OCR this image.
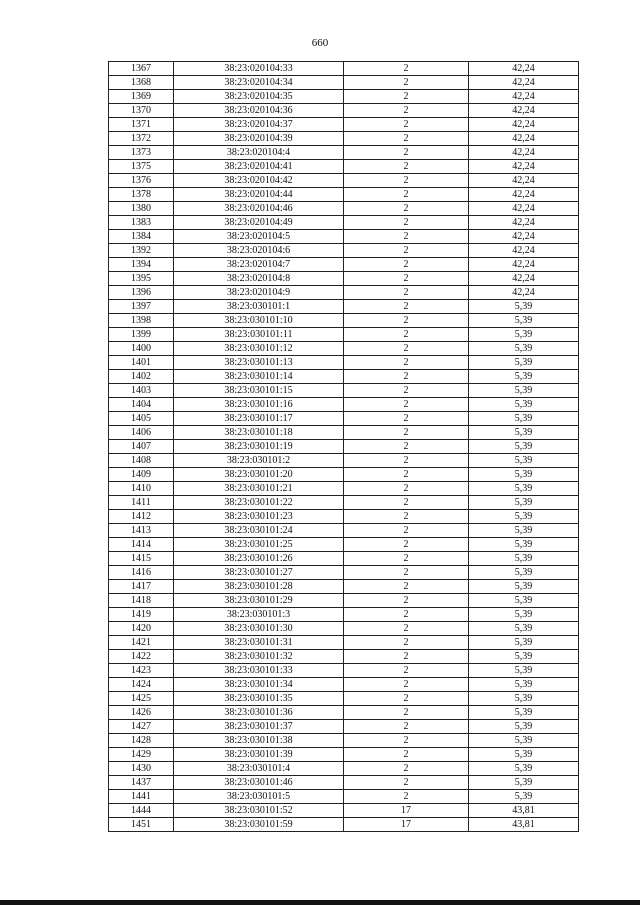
660
1367	38:23:020104:33	2	42,24
1368	38:23:020104:34	2	42,24
1369	38:23:020104:35	2	42,24
1370	38:23:020104:36	2	42,24
1371	38:23:020104:37	2	42,24
1372	38:23:020104:39	2	42,24
1373	38:23:020104:4	2	42,24
1375	38:23:020104:41	2	42,24
1376	38:23:020104:42	2	42,24
1378	38:23:020104:44	2	42,24
1380	38:23:020104:46	2	42,24
1383	38:23:020104:49	2	42,24
1384	38:23:020104:5	2	42,24
1392	38:23:020104:6	2	42,24
1394	38:23:020104:7	2	42,24
1395	38:23:020104:8	2	42,24
1396	38:23:020104:9	2	42,24
1397	38:23:030101:1	2	5,39
1398	38:23:030101:10	2	5,39
1399	38:23:030101:11	2	5,39
1400	38:23:030101:12	2	5,39
1401	38:23:030101:13	2	5,39
1402	38:23:030101:14	2	5,39
1403	38:23:030101:15	2	5,39
1404	38:23:030101:16	2	5,39
1405	38:23:030101:17	2	5,39
1406	38:23:030101:18	2	5,39
1407	38:23:030101:19	2	5,39
1408	38:23:030101:2	2	5,39
1409	38:23:030101:20	2	5,39
1410	38:23:030101:21	2	5,39
1411	38:23:030101:22	2	5,39
1412	38:23:030101:23	2	5,39
1413	38:23:030101:24	2	5,39
1414	38:23:030101:25	2	5,39
1415	38:23:030101:26	2	5,39
1416	38:23:030101:27	2	5,39
1417	38:23:030101:28	2	5,39
1418	38:23:030101:29	2	5,39
1419	38:23:030101:3	2	5,39
1420	38:23:030101:30	2	5,39
1421	38:23:030101:31	2	5,39
1422	38:23:030101:32	2	5,39
1423	38:23:030101:33	2	5,39
1424	38:23:030101:34	2	5,39
1425	38:23:030101:35	2	5,39
1426	38:23:030101:36	2	5,39
1427	38:23:030101:37	2	5,39
1428	38:23:030101:38	2	5,39
1429	38:23:030101:39	2	5,39
1430	38:23:030101:4	2	5,39
1437	38:23:030101:46	2	5,39
1441	38:23:030101:5	2	5,39
1444	38:23:030101:52	17	43,81
1451	38:23:030101:59	17	43,81
